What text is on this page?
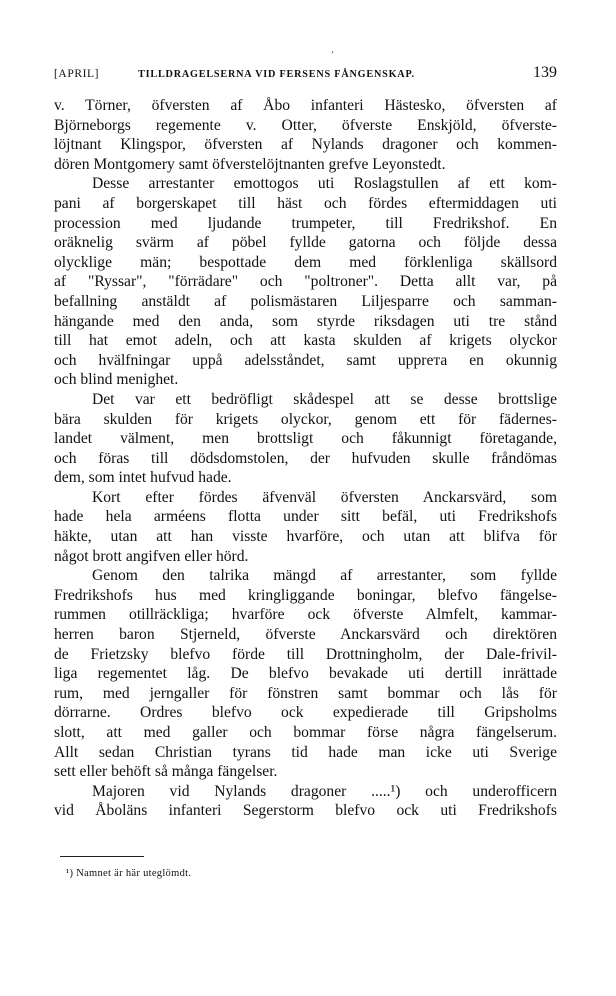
,
[APRIL]	TILLDRAGELSERNA VID FERSENS FÅNGENSKAP.	139
v. Törner, öfversten af Åbo infanteri Hästesko, öfversten af
Björneborgs regemente v. Otter, öfverste Enskjöld, öfverste-
löjtnant Klingspor, öfversten af Nylands dragoner och kommen-
dören Montgomery samt öfverstelöjtnanten grefve Leyonstedt.
Desse arrestanter emottogos uti Roslagstullen af ett kom-
pani af borgerskapet till häst och fördes eftermiddagen uti
procession med ljudande trumpeter, till Fredrikshof. En
oräknelig svärm af pöbel fyllde gatorna och följde dessa
olycklige män; bespottade dem med förklenliga skällsord
af "Ryssar", "förrädare" och "poltroner". Detta allt var, på
befallning anstäldt af polismästaren Liljesparre och samman-
hängande med den anda, som styrde riksdagen uti tre stånd
till hat emot adeln, och att kasta skulden af krigets olyckor
och hvälfningar uppå adelsståndet, samt upprета en okunnig
och blind menighet.
Det var ett bedröfligt skådespel att se desse brottslige
bära skulden för krigets olyckor, genom ett för fädernes-
landet välment, men brottsligt och fåkunnigt företagande,
och föras till dödsdomstolen, der hufvuden skulle fråndömas
dem, som intet hufvud hade.
Kort efter fördes äfvenväl öfversten Anckarsvärd, som
hade hela arméens flotta under sitt befäl, uti Fredrikshofs
häkte, utan att han visste hvarföre, och utan att blifva för
något brott angifven eller hörd.
Genom den talrika mängd af arrestanter, som fyllde
Fredrikshofs hus med kringliggande boningar, blefvo fängelse-
rummen otillräckliga; hvarföre ock öfverste Almfelt, kammar-
herren baron Stjerneld, öfverste Anckarsvärd och direktören
de Frietzsky blefvo förde till Drottningholm, der Dale-frivil-
liga regementet låg. De blefvo bevakade uti dertill inrättade
rum, med jerngaller för fönstren samt bommar och lås för
dörrarne. Ordres blefvo ock expedierade till Gripsholms
slott, att med galler och bommar förse några fängelserum.
Allt sedan Christian tyrans tid hade man icke uti Sverige
sett eller behöft så många fängelser.
Majoren vid Nylands dragoner .....¹) och underofficern
vid Åboläns infanteri Segerstorm blefvo ock uti Fredrikshofs
¹) Namnet är här uteglömdt.
